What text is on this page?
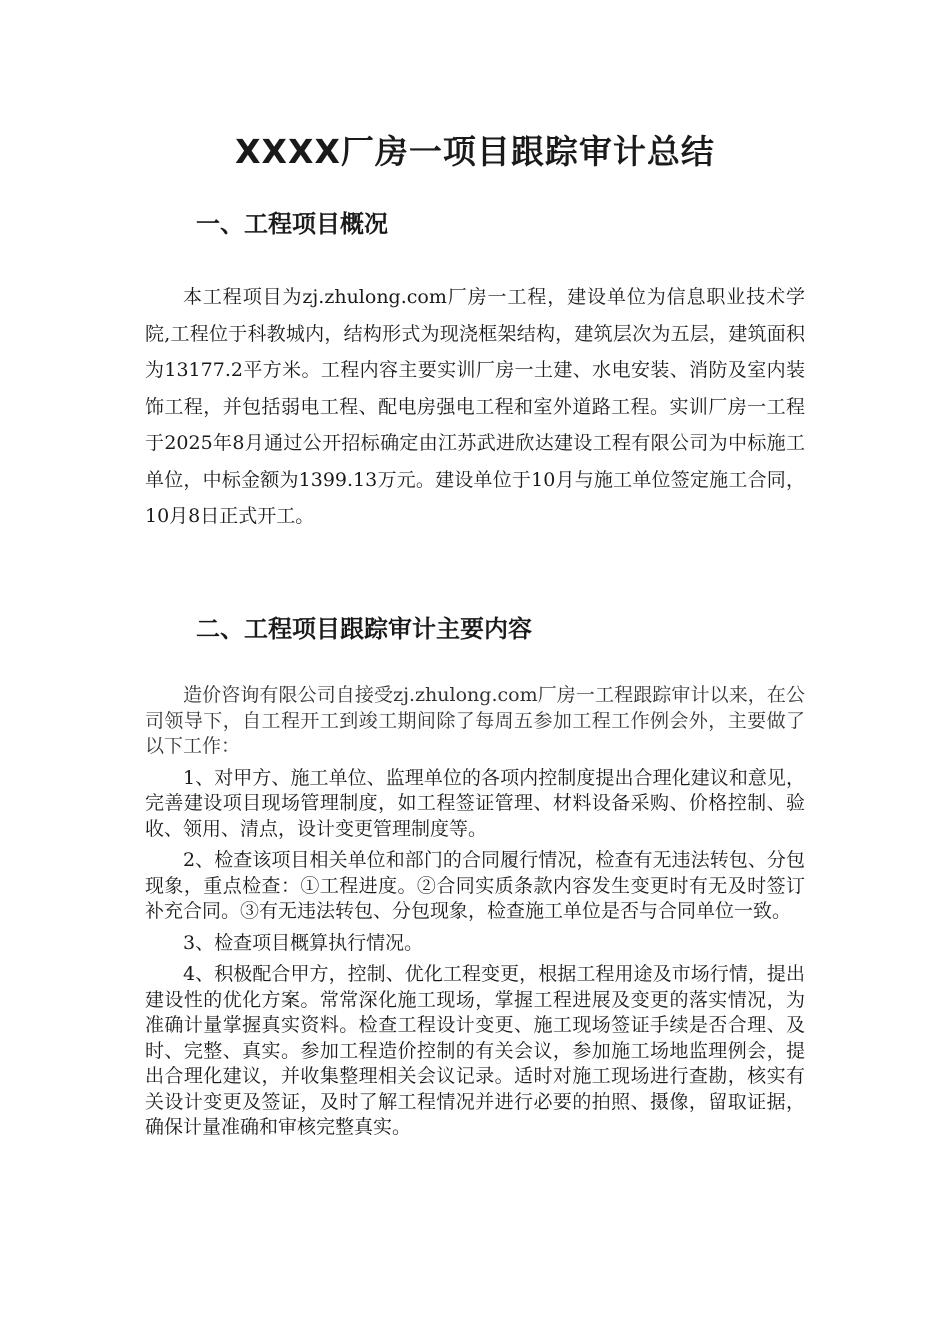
XXXX厂房一项目跟踪审计总结
一、工程项目概况

本工程项目为zj.zhulong.com厂房一工程，建设单位为信息职业技术学院,工程位于科教城内，结构形式为现浇框架结构，建筑层次为五层，建筑面积为13177.2平方米。工程内容主要实训厂房一土建、水电安装、消防及室内装饰工程，并包括弱电工程、配电房强电工程和室外道路工程。实训厂房一工程于2025年8月通过公开招标确定由江苏武进欣达建设工程有限公司为中标施工单位，中标金额为1399.13万元。建设单位于10月与施工单位签定施工合同，10月8日正式开工。

二、工程项目跟踪审计主要内容

造价咨询有限公司自接受zj.zhulong.com厂房一工程跟踪审计以来，在公司领导下，自工程开工到竣工期间除了每周五参加工程工作例会外，主要做了以下工作：

1、对甲方、施工单位、监理单位的各项内控制度提出合理化建议和意见，完善建设项目现场管理制度，如工程签证管理、材料设备采购、价格控制、验收、领用、清点，设计变更管理制度等。

2、检查该项目相关单位和部门的合同履行情况，检查有无违法转包、分包现象，重点检查：①工程进度。②合同实质条款内容发生变更时有无及时签订补充合同。③有无违法转包、分包现象，检查施工单位是否与合同单位一致。

3、检查项目概算执行情况。

4、积极配合甲方，控制、优化工程变更，根据工程用途及市场行情，提出建设性的优化方案。常常深化施工现场，掌握工程进展及变更的落实情况，为准确计量掌握真实资料。检查工程设计变更、施工现场签证手续是否合理、及时、完整、真实。参加工程造价控制的有关会议，参加施工场地监理例会，提出合理化建议，并收集整理相关会议记录。适时对施工现场进行查勘，核实有关设计变更及签证，及时了解工程情况并进行必要的拍照、摄像，留取证据，确保计量准确和审核完整真实。
